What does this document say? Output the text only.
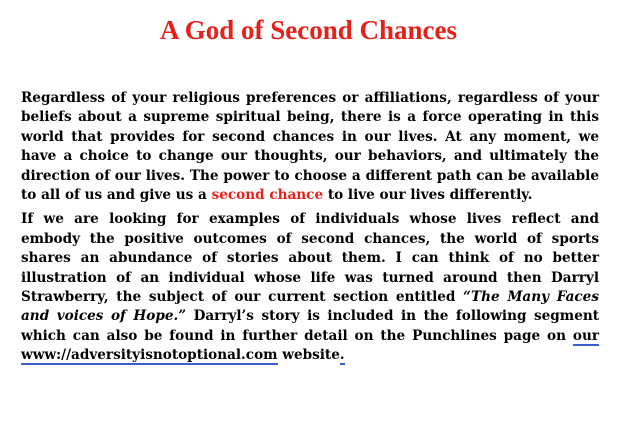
A God of Second Chances

Regardless of your religious preferences or affiliations, regardless of your beliefs about a supreme spiritual being, there is a force operating in this world that provides for second chances in our lives. At any moment, we have a choice to change our thoughts, our behaviors, and ultimately the direction of our lives. The power to choose a different path can be available to all of us and give us a second chance to live our lives differently.

If we are looking for examples of individuals whose lives reflect and embody the positive outcomes of second chances, the world of sports shares an abundance of stories about them. I can think of no better illustration of an individual whose life was turned around then Darryl Strawberry, the subject of our current section entitled “The Many Faces and voices of Hope.” Darryl’s story is included in the following segment which can also be found in further detail on the Punchlines page on our www://adversityisnotoptional.com website.
